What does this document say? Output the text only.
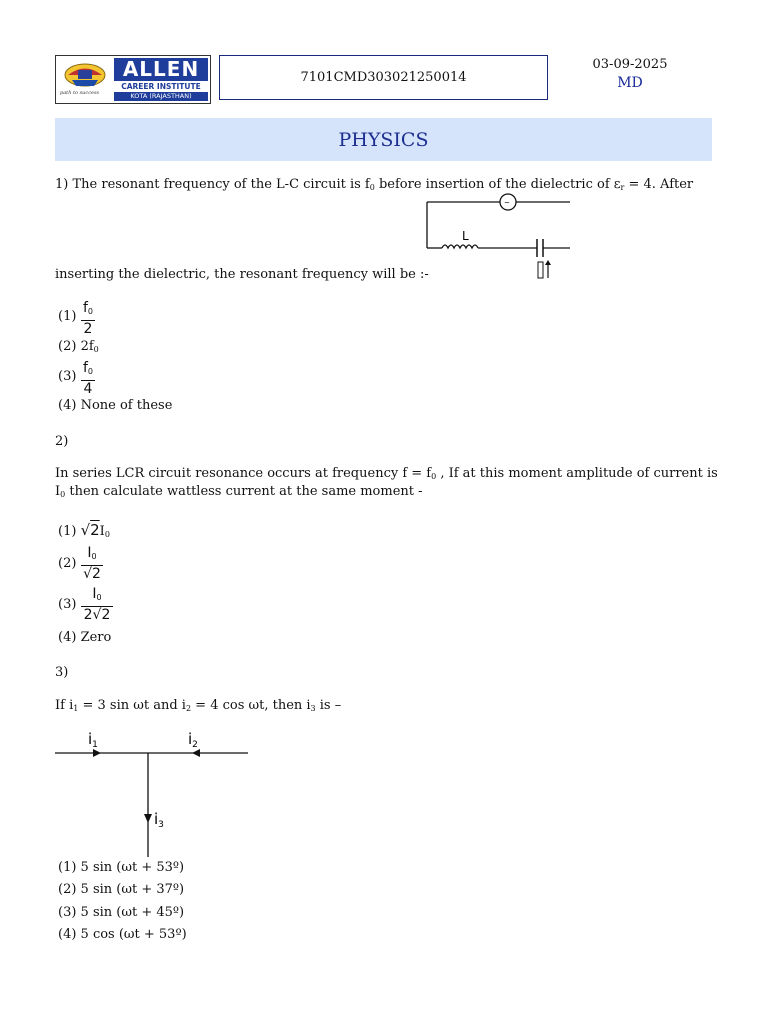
path to success
ALLEN
CAREER INSTITUTE
KOTA (RAJASTHAN)
7101CMD303021250014
03-09-2025
MD
PHYSICS
1) The resonant frequency of the L-C circuit is $f_0$ before insertion of the dielectric of $\varepsilon_r = 4$. After
~
L
inserting the dielectric, the resonant frequency will be :-
(1)
$f_0$
2
(2) $2f_0$
(3)
$f_0$
4
(4) None of these
2)
In series LCR circuit resonance occurs at frequency $f = f_0$ , If at this moment amplitude of current is
$I_0$ then calculate wattless current at the same moment -
(1) $√2I_0$
(2)
$I_0$
√2
(3)
$I_0$
2√2
(4) Zero
3)
If $i_1 = 3$ sin ωt and $i_2 = 4$ cos ωt, then $i_3$ is –
$i_1$	$i_2$
$i_3$
(1) 5 sin (ωt + 53º)
(2) 5 sin (ωt + 37º)
(3) 5 sin (ωt + 45º)
(4) 5 cos (ωt + 53º)
